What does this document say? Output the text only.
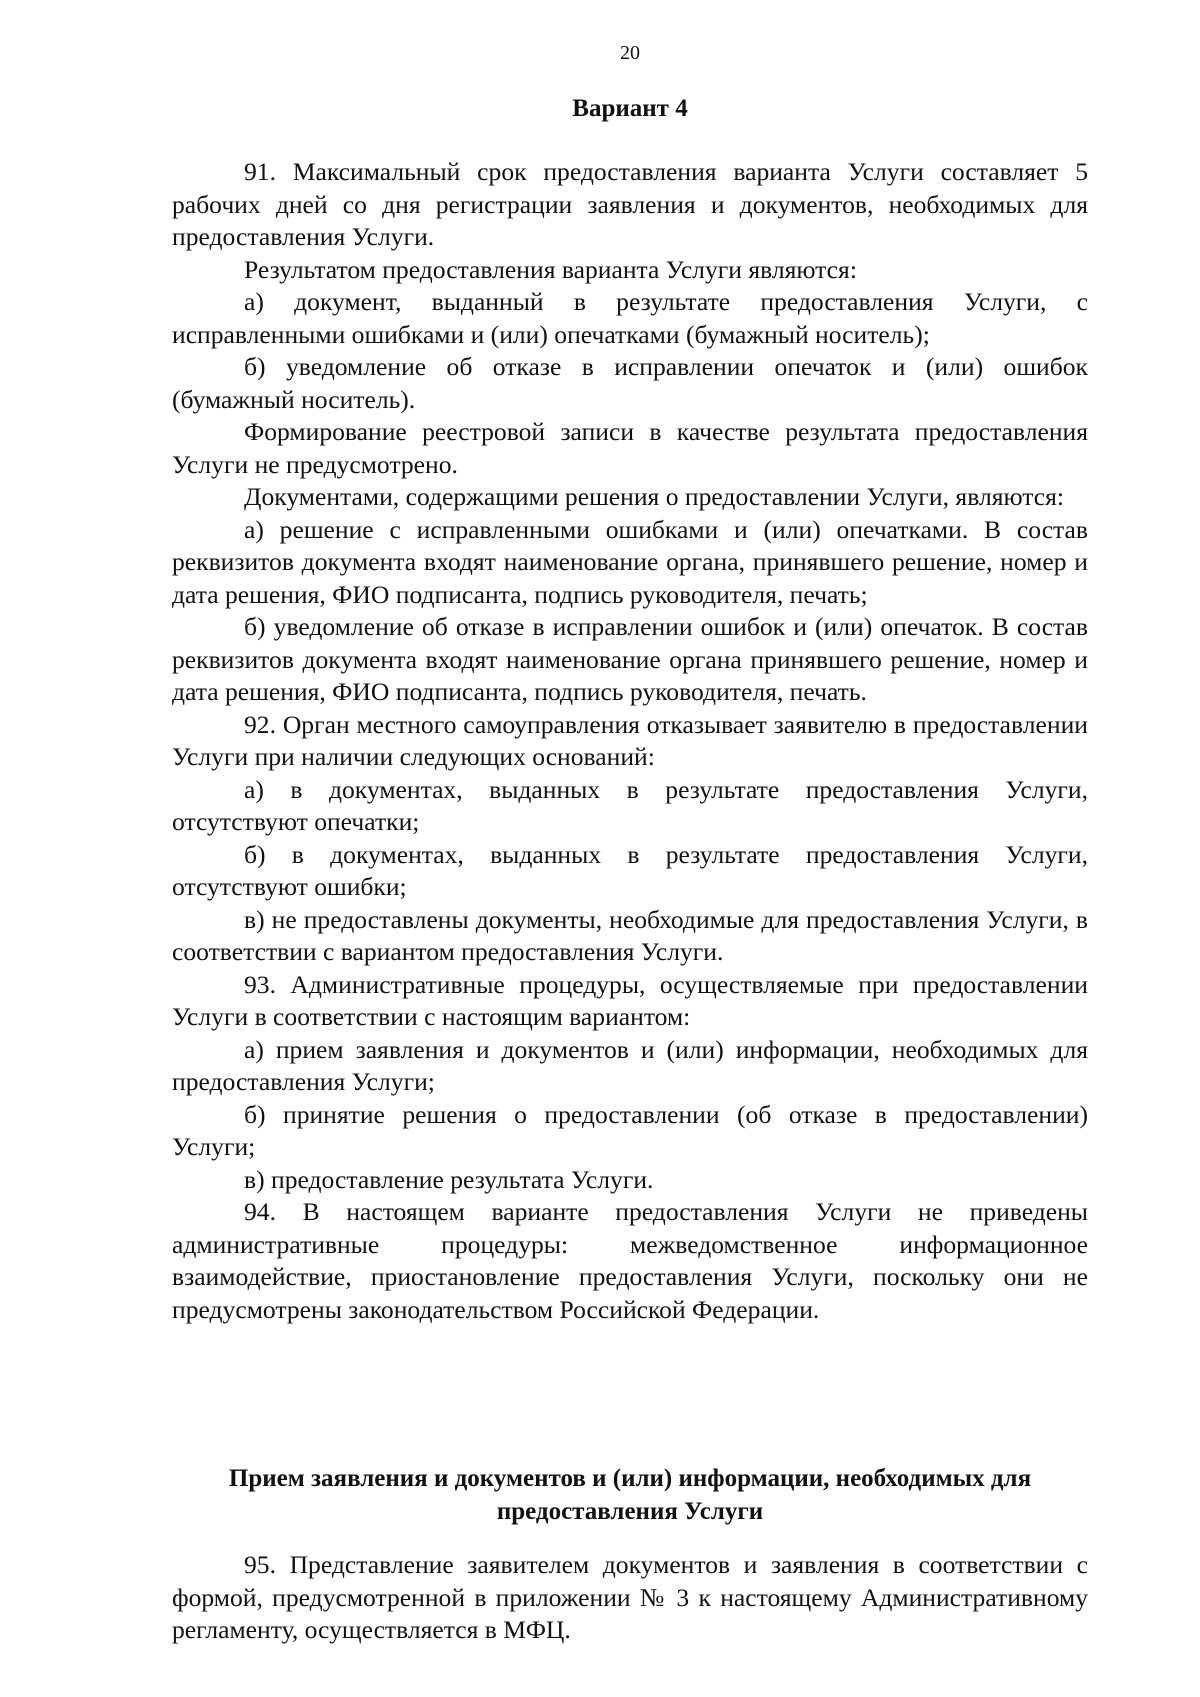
20
Вариант 4

91. Максимальный срок предоставления варианта Услуги составляет 5 рабочих дней со дня регистрации заявления и документов, необходимых для предоставления Услуги.

Результатом предоставления варианта Услуги являются:

а) документ, выданный в результате предоставления Услуги, с исправленными ошибками и (или) опечатками (бумажный носитель);

б) уведомление об отказе в исправлении опечаток и (или) ошибок (бумажный носитель).

Формирование реестровой записи в качестве результата предоставления Услуги не предусмотрено.

Документами, содержащими решения о предоставлении Услуги, являются:

а) решение с исправленными ошибками и (или) опечатками. В состав реквизитов документа входят наименование органа, принявшего решение, номер и дата решения, ФИО подписанта, подпись руководителя, печать;

б) уведомление об отказе в исправлении ошибок и (или) опечаток. В состав реквизитов документа входят наименование органа принявшего решение, номер и дата решения, ФИО подписанта, подпись руководителя, печать.

92. Орган местного самоуправления отказывает заявителю в предоставлении Услуги при наличии следующих оснований:

а) в документах, выданных в результате предоставления Услуги, отсутствуют опечатки;

б) в документах, выданных в результате предоставления Услуги, отсутствуют ошибки;

в) не предоставлены документы, необходимые для предоставления Услуги, в соответствии с вариантом предоставления Услуги.

93. Административные процедуры, осуществляемые при предоставлении Услуги в соответствии с настоящим вариантом:

а) прием заявления и документов и (или) информации, необходимых для предоставления Услуги;

б) принятие решения о предоставлении (об отказе в предоставлении) Услуги;

в) предоставление результата Услуги.

94. В настоящем варианте предоставления Услуги не приведены административные процедуры: межведомственное информационное взаимодействие, приостановление предоставления Услуги, поскольку они не предусмотрены законодательством Российской Федерации.

Прием заявления и документов и (или) информации, необходимых для предоставления Услуги

95. Представление заявителем документов и заявления в соответствии с формой, предусмотренной в приложении № 3 к настоящему Административному регламенту, осуществляется в МФЦ.
